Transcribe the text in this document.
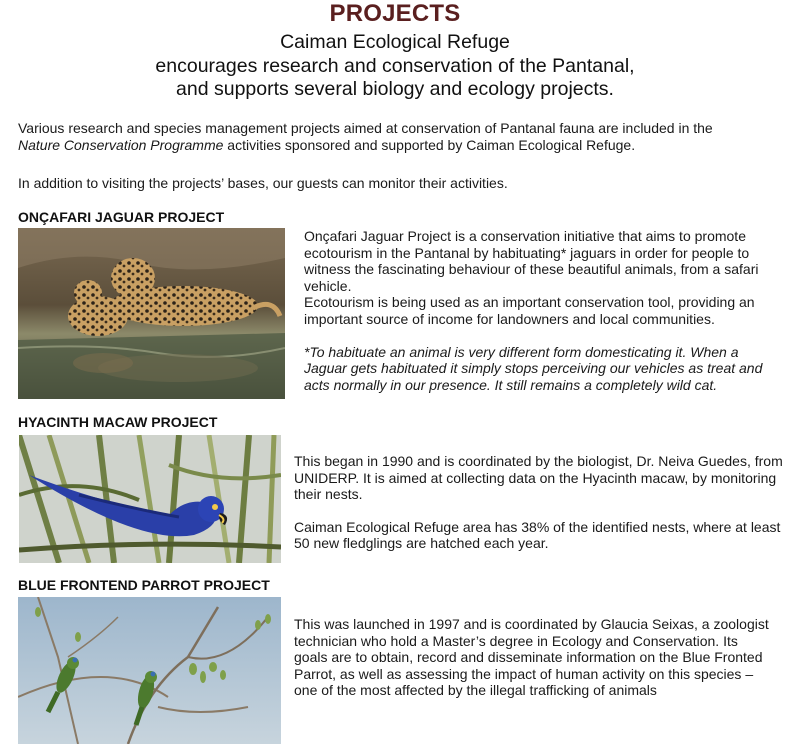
PROJECTS
Caiman Ecological Refuge
encourages research and conservation of the Pantanal,
and supports several biology and ecology projects.
Various research and species management projects aimed at conservation of Pantanal fauna are included in the
Nature Conservation Programme activities sponsored and supported by Caiman Ecological Refuge.
In addition to visiting the projects’ bases, our guests can monitor their activities.
ONÇAFARI JAGUAR PROJECT

Onçafari Jaguar Project is a conservation initiative that aims to promote ecotourism in the Pantanal by habituating* jaguars in order for people to witness the fascinating behaviour of these beautiful animals, from a safari vehicle.

Ecotourism is being used as an important conservation tool, providing an important source of income for landowners and local communities.

*To habituate an animal is very different form domesticating it. When a Jaguar gets habituated it simply stops perceiving our vehicles as treat and acts normally in our presence. It still remains a completely wild cat.

HYACINTH MACAW PROJECT

This began in 1990 and is coordinated by the biologist, Dr. Neiva Guedes, from UNIDERP. It is aimed at collecting data on the Hyacinth macaw, by monitoring their nests.

Caiman Ecological Refuge area has 38% of the identified nests, where at least 50 new fledglings are hatched each year.

BLUE FRONTEND PARROT PROJECT

This was launched in 1997 and is coordinated by Glaucia Seixas, a zoologist technician who hold a Master’s degree in Ecology and Conservation. Its goals are to obtain, record and disseminate information on the Blue Fronted Parrot, as well as assessing the impact of human activity on this species – one of the most affected by the illegal trafficking of animals
